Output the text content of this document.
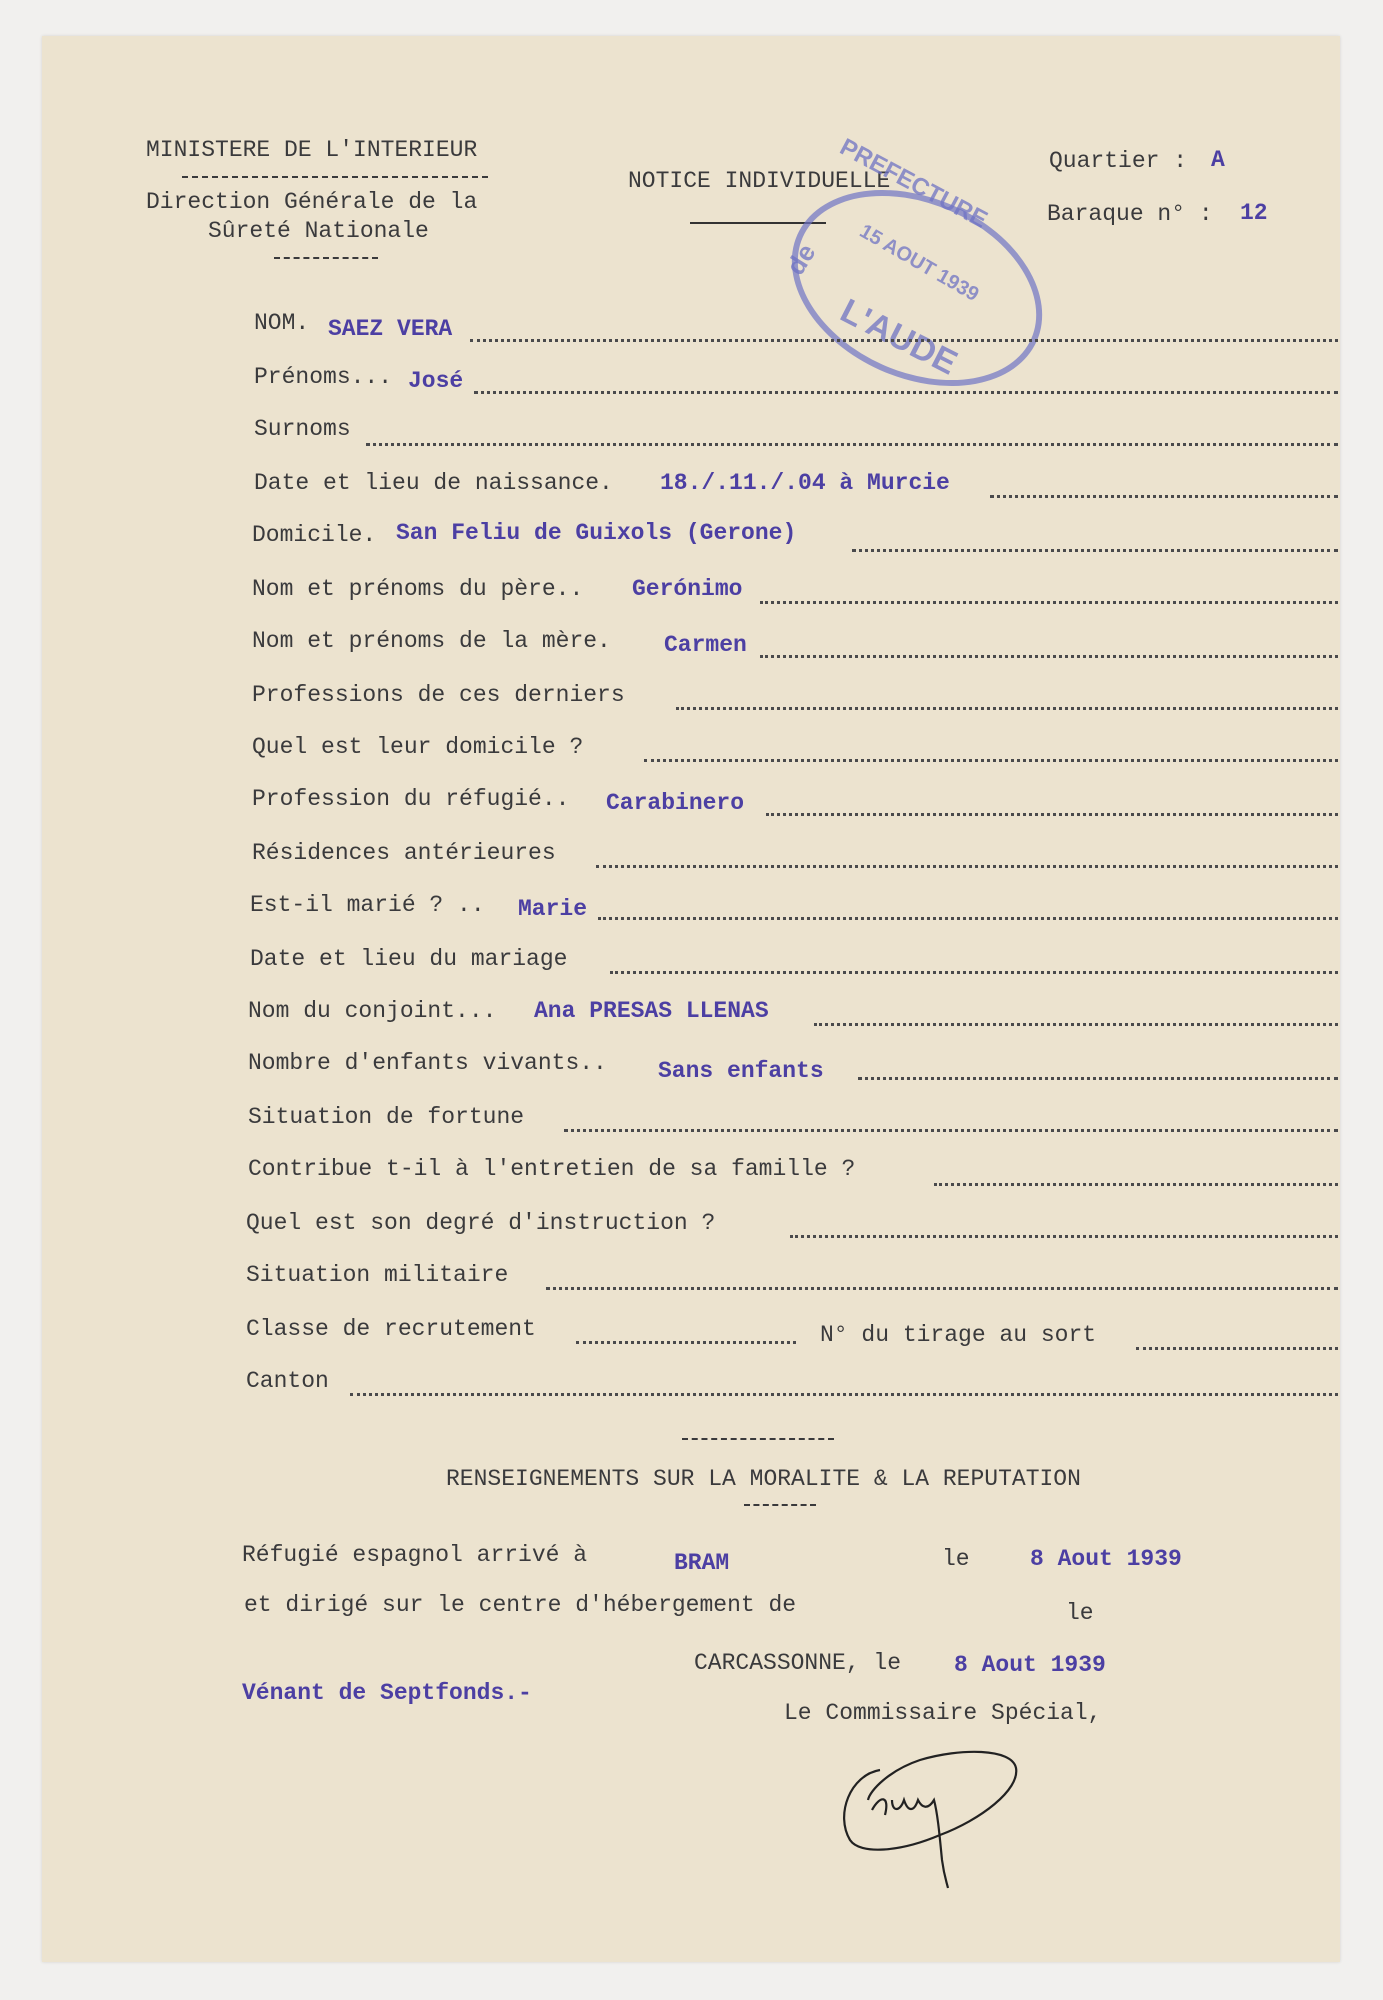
MINISTERE DE L'INTERIEUR
Direction Générale de la
Sûreté Nationale
NOTICE INDIVIDUELLE
Quartier : A
Baraque n° : 12
PREFECTURE
15 AOUT 1939
de
L'AUDE
NOM. SAEZ VERA
Prénoms... José
Surnoms
Date et lieu de naissance. 18./.11./.04 à Murcie
Domicile. San Feliu de Guixols (Gerone)
Nom et prénoms du père.. Gerónimo
Nom et prénoms de la mère. Carmen
Professions de ces derniers
Quel est leur domicile ?
Profession du réfugié.. Carabinero
Résidences antérieures
Est-il marié ? .. Marie
Date et lieu du mariage
Nom du conjoint... Ana PRESAS LLENAS
Nombre d'enfants vivants.. Sans enfants
Situation de fortune
Contribue t-il à l'entretien de sa famille ?
Quel est son degré d'instruction ?
Situation militaire
Classe de recrutement	N° du tirage au sort
Canton
RENSEIGNEMENTS SUR LA MORALITE & LA REPUTATION
Réfugié espagnol arrivé à	BRAM	le	8 Aout 1939
et dirigé sur le centre d'hébergement de	le
Vénant de Septfonds.-
CARCASSONNE, le 8 Aout 1939
Le Commissaire Spécial,
